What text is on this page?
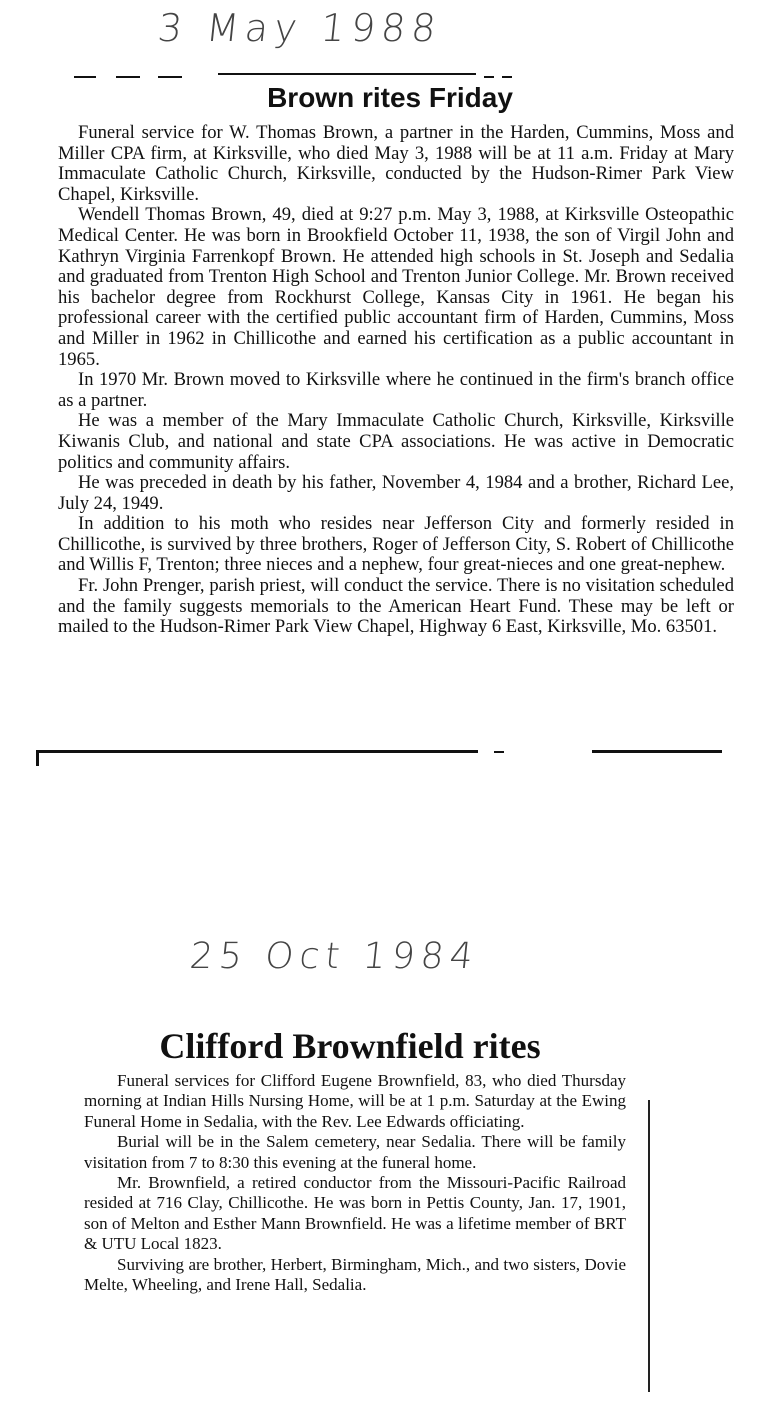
3 May 1988
Brown rites Friday

Funeral service for W. Thomas Brown, a partner in the Harden, Cummins, Moss and Miller CPA firm, at Kirksville, who died May 3, 1988 will be at 11 a.m. Friday at Mary Immaculate Catholic Church, Kirksville, conducted by the Hudson-Rimer Park View Chapel, Kirksville.

Wendell Thomas Brown, 49, died at 9:27 p.m. May 3, 1988, at Kirksville Osteopathic Medical Center. He was born in Brookfield October 11, 1938, the son of Virgil John and Kathryn Virginia Farrenkopf Brown. He attended high schools in St. Joseph and Sedalia and graduated from Trenton High School and Trenton Junior College. Mr. Brown received his bachelor degree from Rockhurst College, Kansas City in 1961. He began his professional career with the certified public accountant firm of Harden, Cummins, Moss and Miller in 1962 in Chillicothe and earned his certification as a public accountant in 1965.

In 1970 Mr. Brown moved to Kirksville where he continued in the firm's branch office as a partner.

He was a member of the Mary Immaculate Catholic Church, Kirksville, Kirksville Kiwanis Club, and national and state CPA associations. He was active in Democratic politics and community affairs.

He was preceded in death by his father, November 4, 1984 and a brother, Richard Lee, July 24, 1949.

In addition to his moth who resides near Jefferson City and formerly resided in Chillicothe, is survived by three brothers, Roger of Jefferson City, S. Robert of Chillicothe and Willis F, Trenton; three nieces and a nephew, four great-nieces and one great-nephew.

Fr. John Prenger, parish priest, will conduct the service. There is no visitation scheduled and the family suggests memorials to the American Heart Fund. These may be left or mailed to the Hudson-Rimer Park View Chapel, Highway 6 East, Kirksville, Mo. 63501.

25 Oct 1984
Clifford Brownfield rites

Funeral services for Clifford Eugene Brownfield, 83, who died Thursday morning at Indian Hills Nursing Home, will be at 1 p.m. Saturday at the Ewing Funeral Home in Sedalia, with the Rev. Lee Edwards officiating.

Burial will be in the Salem cemetery, near Sedalia. There will be family visitation from 7 to 8:30 this evening at the funeral home.

Mr. Brownfield, a retired conductor from the Missouri-Pacific Railroad resided at 716 Clay, Chillicothe. He was born in Pettis County, Jan. 17, 1901, son of Melton and Esther Mann Brownfield. He was a lifetime member of BRT & UTU Local 1823.

Surviving are brother, Herbert, Birmingham, Mich., and two sisters, Dovie Melte, Wheeling, and Irene Hall, Sedalia.
